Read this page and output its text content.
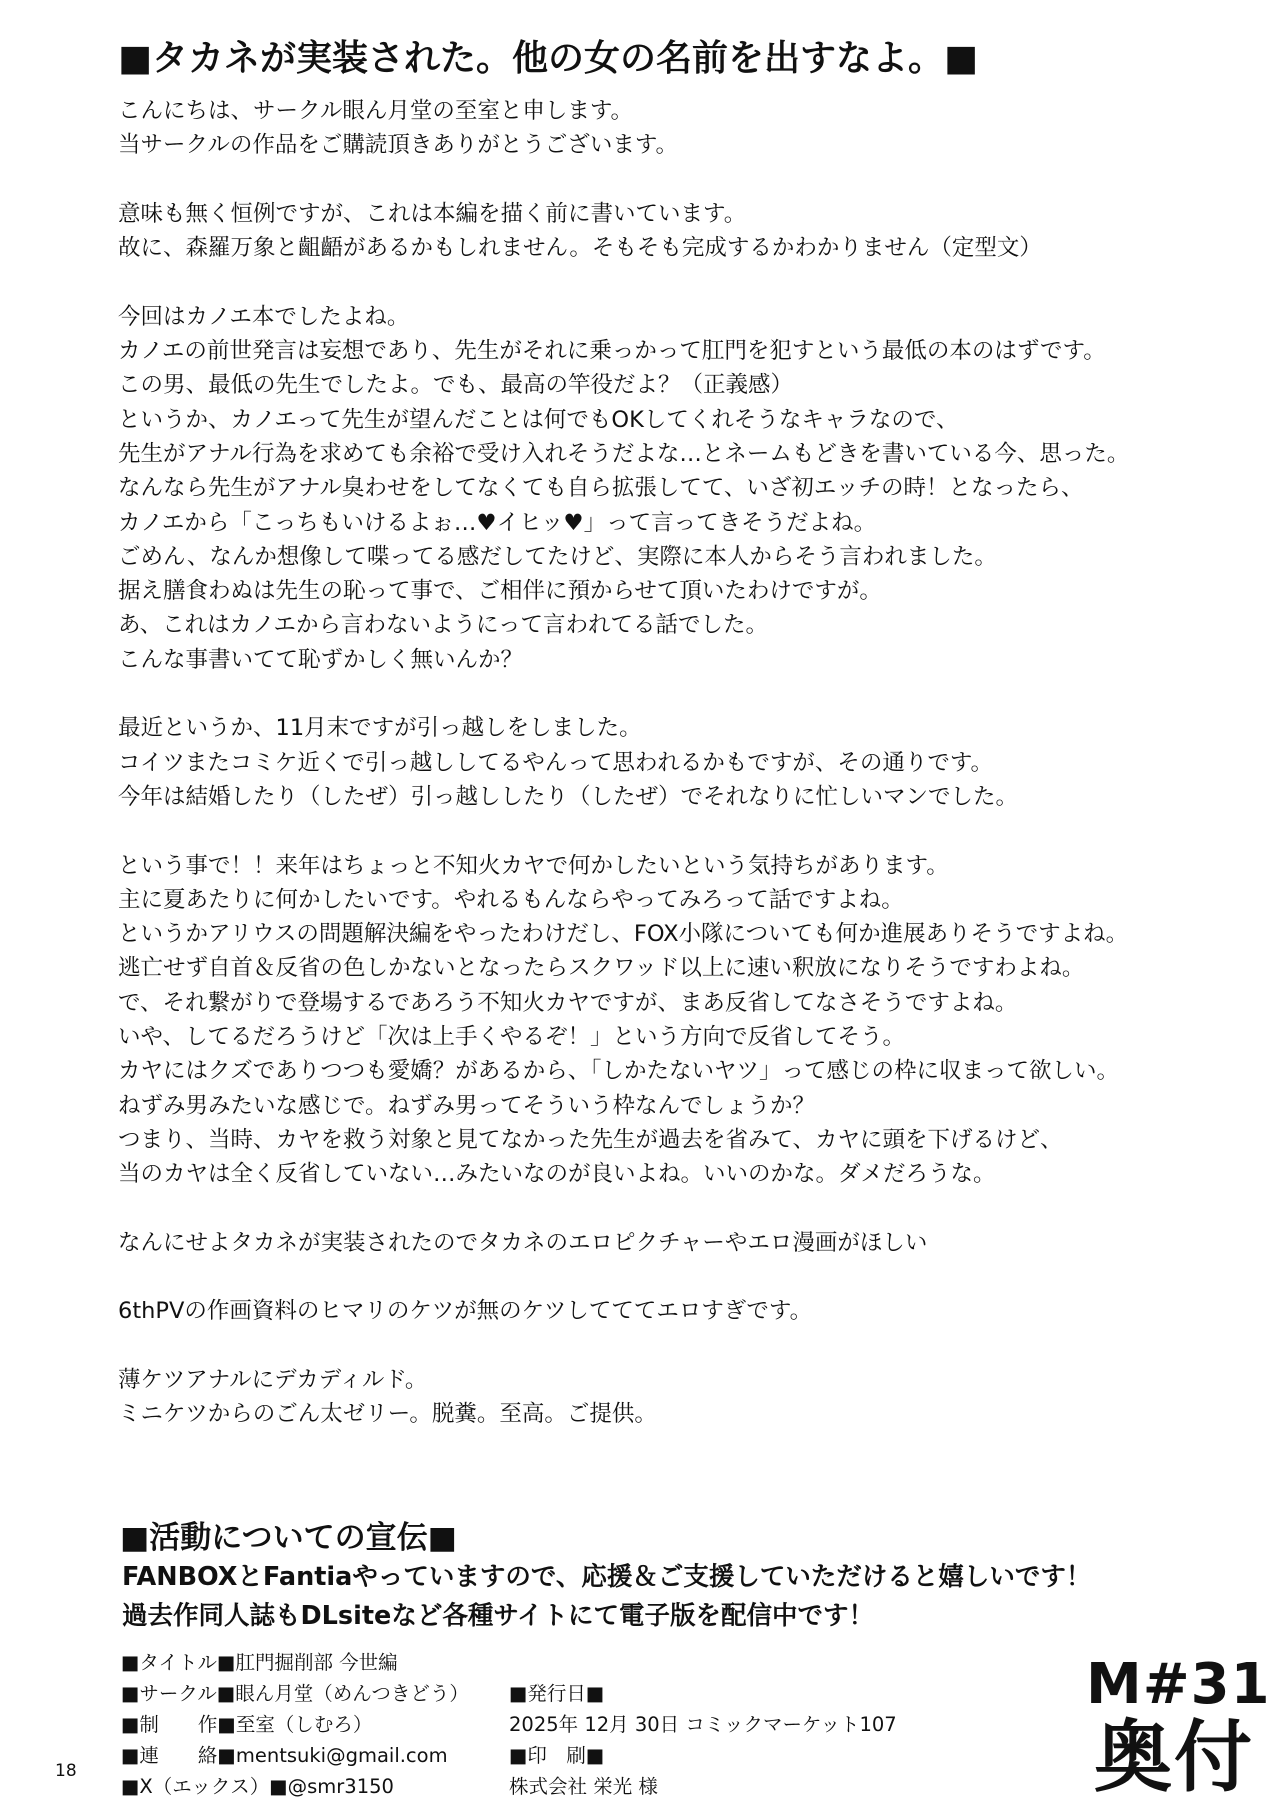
■タカネが実装された。他の女の名前を出すなよ。■
こんにちは、サークル眼ん月堂の至室と申します。
当サークルの作品をご購読頂きありがとうございます。
意味も無く恒例ですが、これは本編を描く前に書いています。
故に、森羅万象と齟齬があるかもしれません。そもそも完成するかわかりません（定型文）
今回はカノエ本でしたよね。
カノエの前世発言は妄想であり、先生がそれに乗っかって肛門を犯すという最低の本のはずです。
この男、最低の先生でしたよ。でも、最高の竿役だよ？（正義感）
というか、カノエって先生が望んだことは何でもOKしてくれそうなキャラなので、
先生がアナル行為を求めても余裕で受け入れそうだよな…とネームもどきを書いている今、思った。
なんなら先生がアナル臭わせをしてなくても自ら拡張してて、いざ初エッチの時！となったら、
カノエから「こっちもいけるよぉ…♥イヒッ♥」って言ってきそうだよね。
ごめん、なんか想像して喋ってる感だしてたけど、実際に本人からそう言われました。
据え膳食わぬは先生の恥って事で、ご相伴に預からせて頂いたわけですが。
あ、これはカノエから言わないようにって言われてる話でした。
こんな事書いてて恥ずかしく無いんか？
最近というか、11月末ですが引っ越しをしました。
コイツまたコミケ近くで引っ越ししてるやんって思われるかもですが、その通りです。
今年は結婚したり（したぜ）引っ越ししたり（したぜ）でそれなりに忙しいマンでした。
という事で！！来年はちょっと不知火カヤで何かしたいという気持ちがあります。
主に夏あたりに何かしたいです。やれるもんならやってみろって話ですよね。
というかアリウスの問題解決編をやったわけだし、FOX小隊についても何か進展ありそうですよね。
逃亡せず自首＆反省の色しかないとなったらスクワッド以上に速い釈放になりそうですわよね。
で、それ繋がりで登場するであろう不知火カヤですが、まあ反省してなさそうですよね。
いや、してるだろうけど「次は上手くやるぞ！」という方向で反省してそう。
カヤにはクズでありつつも愛嬌？があるから、「しかたないヤツ」って感じの枠に収まって欲しい。
ねずみ男みたいな感じで。ねずみ男ってそういう枠なんでしょうか？
つまり、当時、カヤを救う対象と見てなかった先生が過去を省みて、カヤに頭を下げるけど、
当のカヤは全く反省していない…みたいなのが良いよね。いいのかな。ダメだろうな。
なんにせよタカネが実装されたのでタカネのエロピクチャーやエロ漫画がほしい
6thPVの作画資料のヒマリのケツが無のケツしてててエロすぎです。
薄ケツアナルにデカディルド。
ミニケツからのごん太ゼリー。脱糞。至高。ご提供。
■活動についての宣伝■
FANBOXとFantiaやっていますので、応援＆ご支援していただけると嬉しいです！
過去作同人誌もDLsiteなど各種サイトにて電子版を配信中です！
■タイトル■肛門掘削部 今世編
■サークル■眼ん月堂（めんつきどう）
■制　　作■至室（しむろ）
■連　　絡■mentsuki@gmail.com
■X（エックス）■@smr3150
■発行日■
2025年 12月 30日 コミックマーケット107
■印　刷■
株式会社 栄光 様
18
M#31
奥付
